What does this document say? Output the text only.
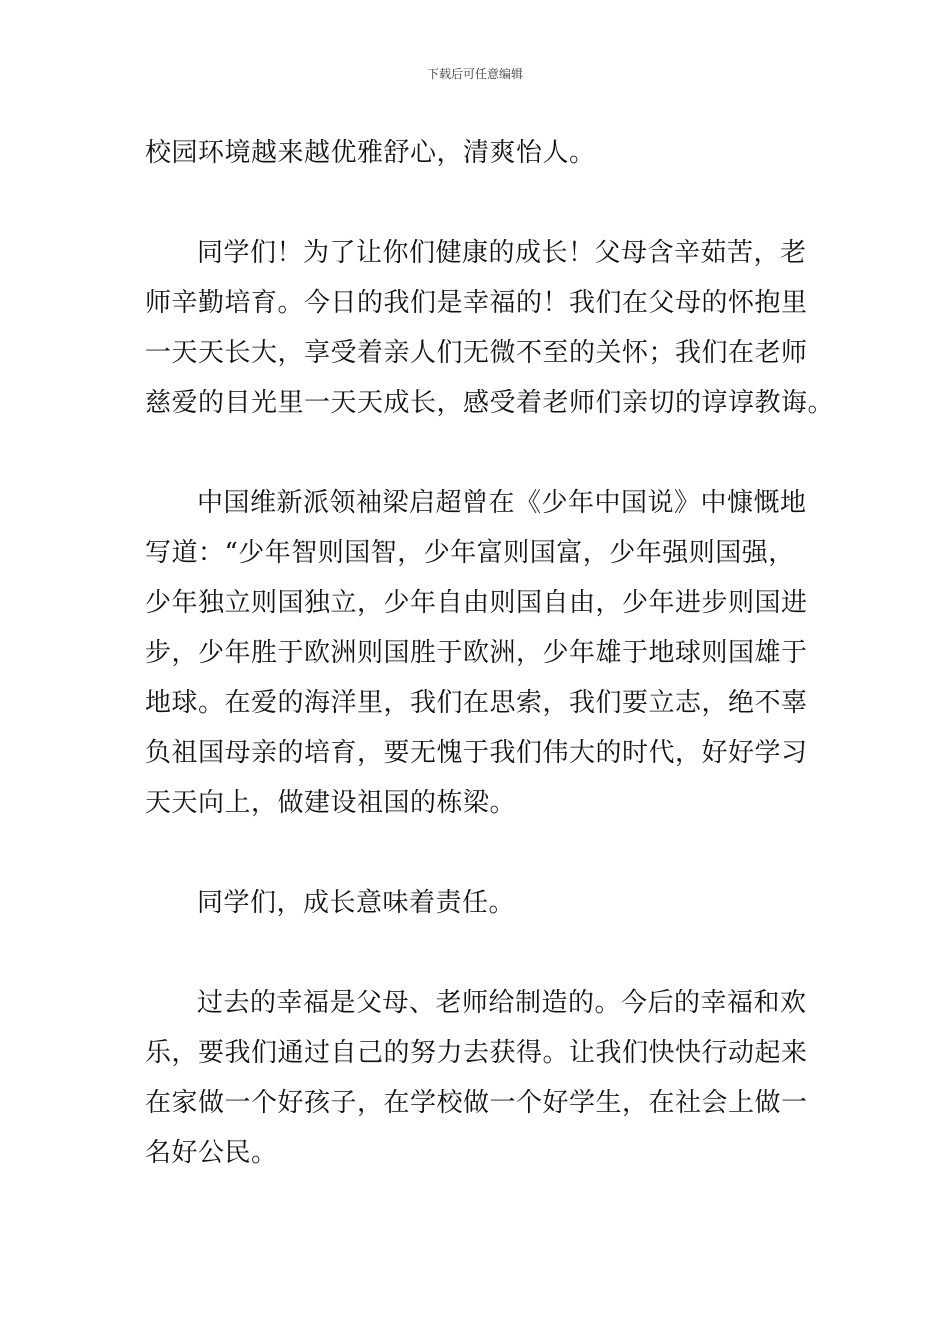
下载后可任意编辑

校园环境越来越优雅舒心，清爽怡人。

同学们！为了让你们健康的成长！父母含辛茹苦，老
师辛勤培育。今日的我们是幸福的！我们在父母的怀抱里
一天天长大，享受着亲人们无微不至的关怀；我们在老师
慈爱的目光里一天天成长，感受着老师们亲切的谆谆教诲。

中国维新派领袖梁启超曾在《少年中国说》中慷慨地
写道：“少年智则国智，少年富则国富，少年强则国强，
少年独立则国独立，少年自由则国自由，少年进步则国进
步，少年胜于欧洲则国胜于欧洲，少年雄于地球则国雄于
地球。在爱的海洋里，我们在思索，我们要立志，绝不辜
负祖国母亲的培育，要无愧于我们伟大的时代，好好学习
天天向上，做建设祖国的栋梁。

同学们，成长意味着责任。

过去的幸福是父母、老师给制造的。今后的幸福和欢
乐，要我们通过自己的努力去获得。让我们快快行动起来
在家做一个好孩子，在学校做一个好学生，在社会上做一
名好公民。
